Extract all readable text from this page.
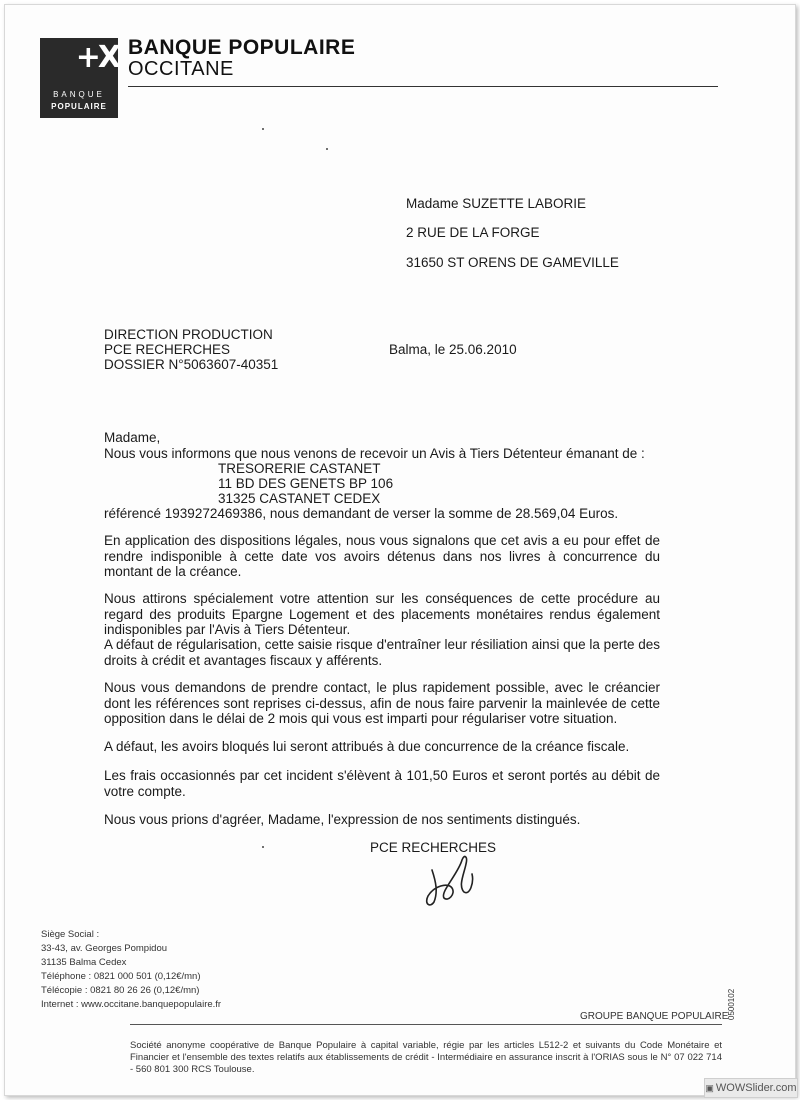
+X
BANQUE
POPULAIRE
BANQUE POPULAIRE
OCCITANE
Madame SUZETTE LABORIE
2 RUE DE LA FORGE
31650 ST ORENS DE GAMEVILLE
DIRECTION PRODUCTION
PCE RECHERCHES
DOSSIER N°5063607-40351
Balma, le 25.06.2010
Madame,
Nous vous informons que nous venons de recevoir un Avis à Tiers Détenteur émanant de :
TRESORERIE CASTANET
11 BD DES GENETS BP 106
31325 CASTANET CEDEX
référencé 1939272469386, nous demandant de verser la somme de 28.569,04 Euros.
En application des dispositions légales, nous vous signalons que cet avis a eu pour effet de rendre indisponible à cette date vos avoirs détenus dans nos livres à concurrence du montant de la créance.
Nous attirons spécialement votre attention sur les conséquences de cette procédure au regard des produits Epargne Logement et des placements monétaires rendus également indisponibles par l'Avis à Tiers Détenteur.
A défaut de régularisation, cette saisie risque d'entraîner leur résiliation ainsi que la perte des droits à crédit et avantages fiscaux y afférents.
Nous vous demandons de prendre contact, le plus rapidement possible, avec le créancier dont les références sont reprises ci-dessus, afin de nous faire parvenir la mainlevée de cette opposition dans le délai de 2 mois qui vous est imparti pour régulariser votre situation.
A défaut, les avoirs bloqués lui seront attribués à due concurrence de la créance fiscale.
Les frais occasionnés par cet incident s'élèvent à 101,50 Euros et seront portés au débit de votre compte.
Nous vous prions d'agréer, Madame, l'expression de nos sentiments distingués.
PCE RECHERCHES
Siège Social :
33-43, av. Georges Pompidou
31135 Balma Cedex
Téléphone : 0821 000 501 (0,12€/mn)
Télécopie : 0821 80 26 26 (0,12€/mn)
Internet : www.occitane.banquepopulaire.fr
GROUPE BANQUE POPULAIRE
0500102
Société anonyme coopérative de Banque Populaire à capital variable, régie par les articles L512-2 et suivants du Code Monétaire et Financier et l'ensemble des textes relatifs aux établissements de crédit - Intermédiaire en assurance inscrit à l'ORIAS sous le N° 07 022 714 - 560 801 300 RCS Toulouse.
▣ WOWSlider.com
